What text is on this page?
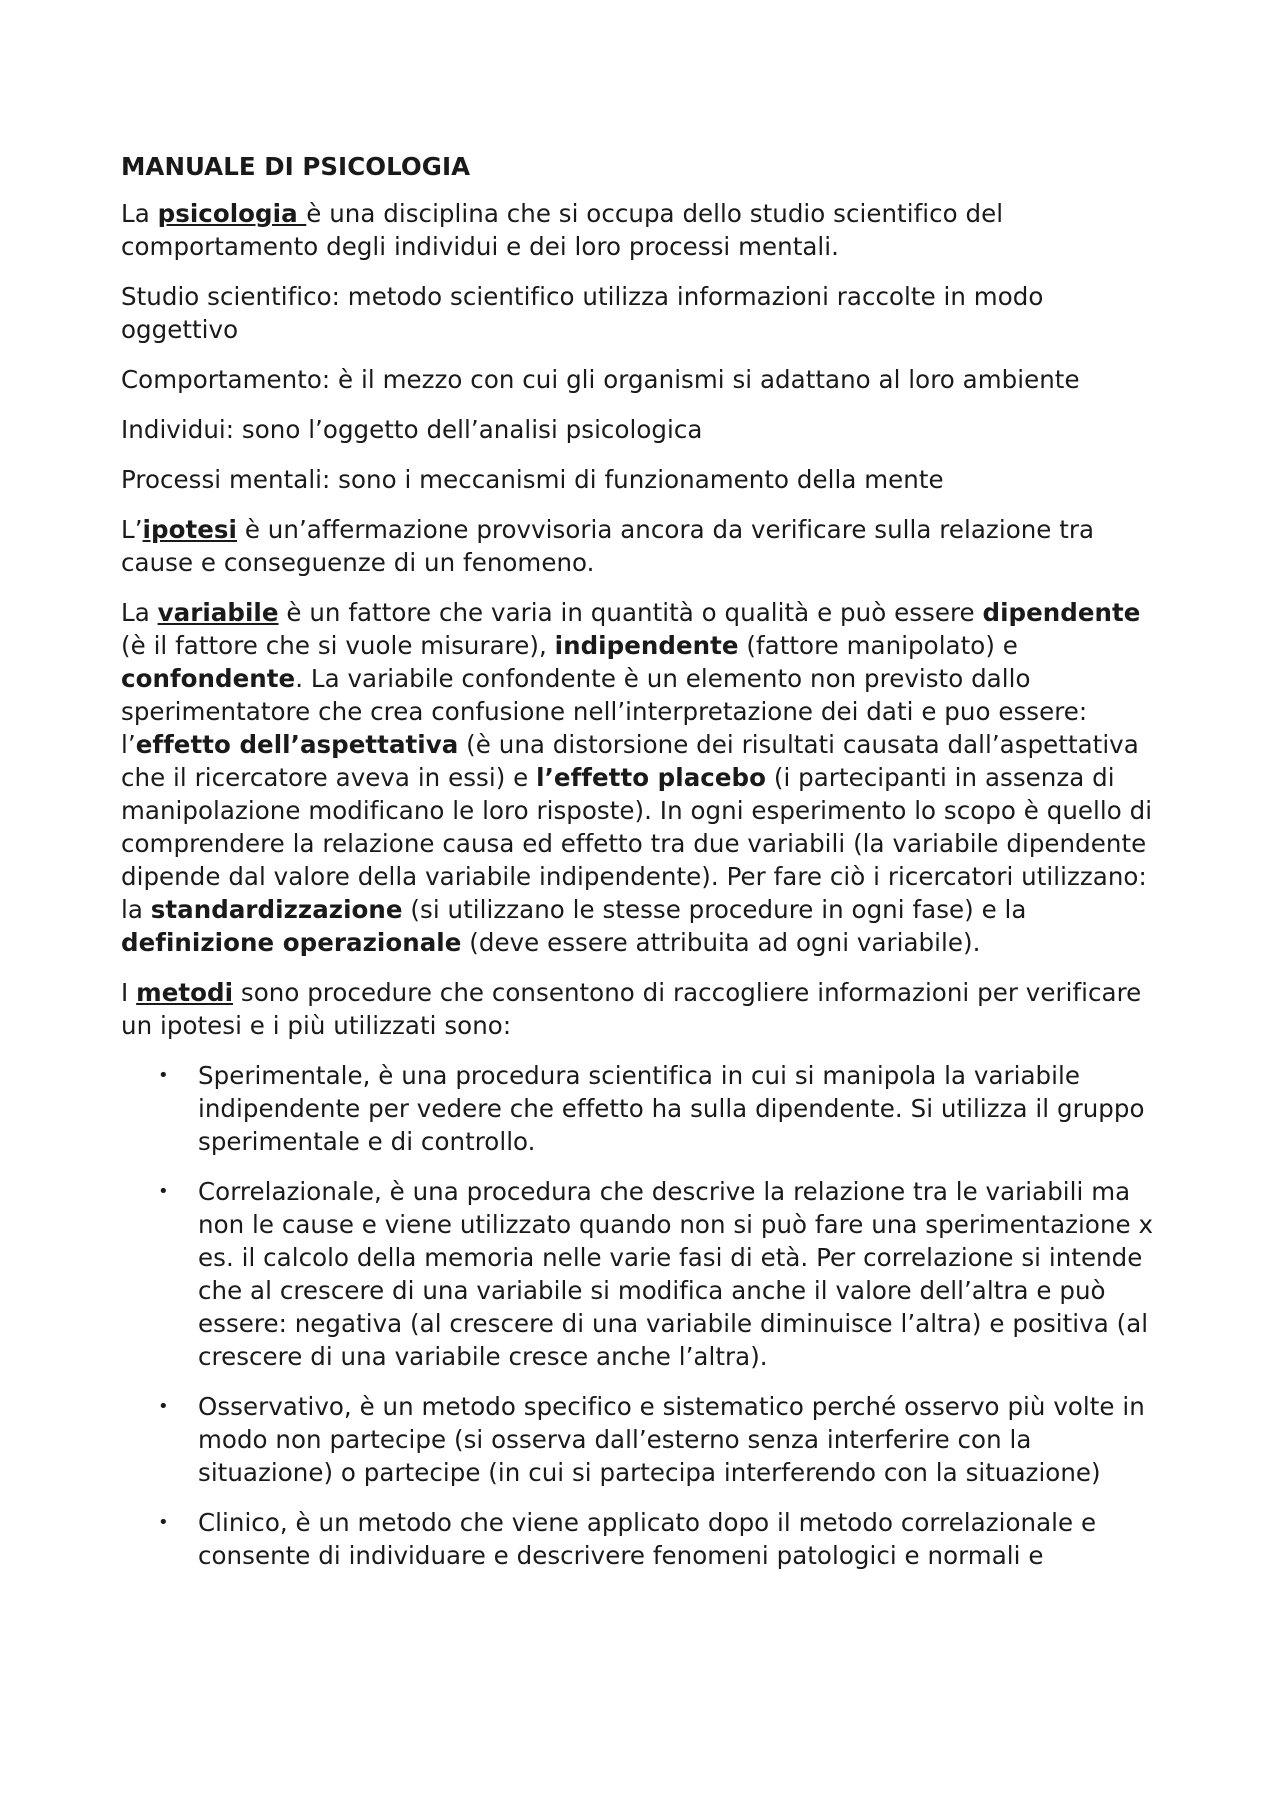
MANUALE DI PSICOLOGIA

La psicologia è una disciplina che si occupa dello studio scientifico del comportamento degli individui e dei loro processi mentali.

Studio scientifico: metodo scientifico utilizza informazioni raccolte in modo oggettivo

Comportamento: è il mezzo con cui gli organismi si adattano al loro ambiente

Individui: sono l’oggetto dell’analisi psicologica

Processi mentali: sono i meccanismi di funzionamento della mente

L’ipotesi è un’affermazione provvisoria ancora da verificare sulla relazione tra cause e conseguenze di un fenomeno.

La variabile è un fattore che varia in quantità o qualità e può essere dipendente (è il fattore che si vuole misurare), indipendente (fattore manipolato) e confondente. La variabile confondente è un elemento non previsto dallo sperimentatore che crea confusione nell’interpretazione dei dati e puo essere: l’effetto dell’aspettativa (è una distorsione dei risultati causata dall’aspettativa che il ricercatore aveva in essi) e l’effetto placebo (i partecipanti in assenza di manipolazione modificano le loro risposte). In ogni esperimento lo scopo è quello di comprendere la relazione causa ed effetto tra due variabili (la variabile dipendente dipende dal valore della variabile indipendente). Per fare ciò i ricercatori utilizzano: la standardizzazione (si utilizzano le stesse procedure in ogni fase) e la definizione operazionale (deve essere attribuita ad ogni variabile).

I metodi sono procedure che consentono di raccogliere informazioni per verificare un ipotesi e i più utilizzati sono:

• Sperimentale, è una procedura scientifica in cui si manipola la variabile indipendente per vedere che effetto ha sulla dipendente. Si utilizza il gruppo sperimentale e di controllo.
• Correlazionale, è una procedura che descrive la relazione tra le variabili ma non le cause e viene utilizzato quando non si può fare una sperimentazione x es. il calcolo della memoria nelle varie fasi di età. Per correlazione si intende che al crescere di una variabile si modifica anche il valore dell’altra e può essere: negativa (al crescere di una variabile diminuisce l’altra) e positiva (al crescere di una variabile cresce anche l’altra).
• Osservativo, è un metodo specifico e sistematico perché osservo più volte in modo non partecipe (si osserva dall’esterno senza interferire con la situazione) o partecipe (in cui si partecipa interferendo con la situazione)
• Clinico, è un metodo che viene applicato dopo il metodo correlazionale e consente di individuare e descrivere fenomeni patologici e normali e
